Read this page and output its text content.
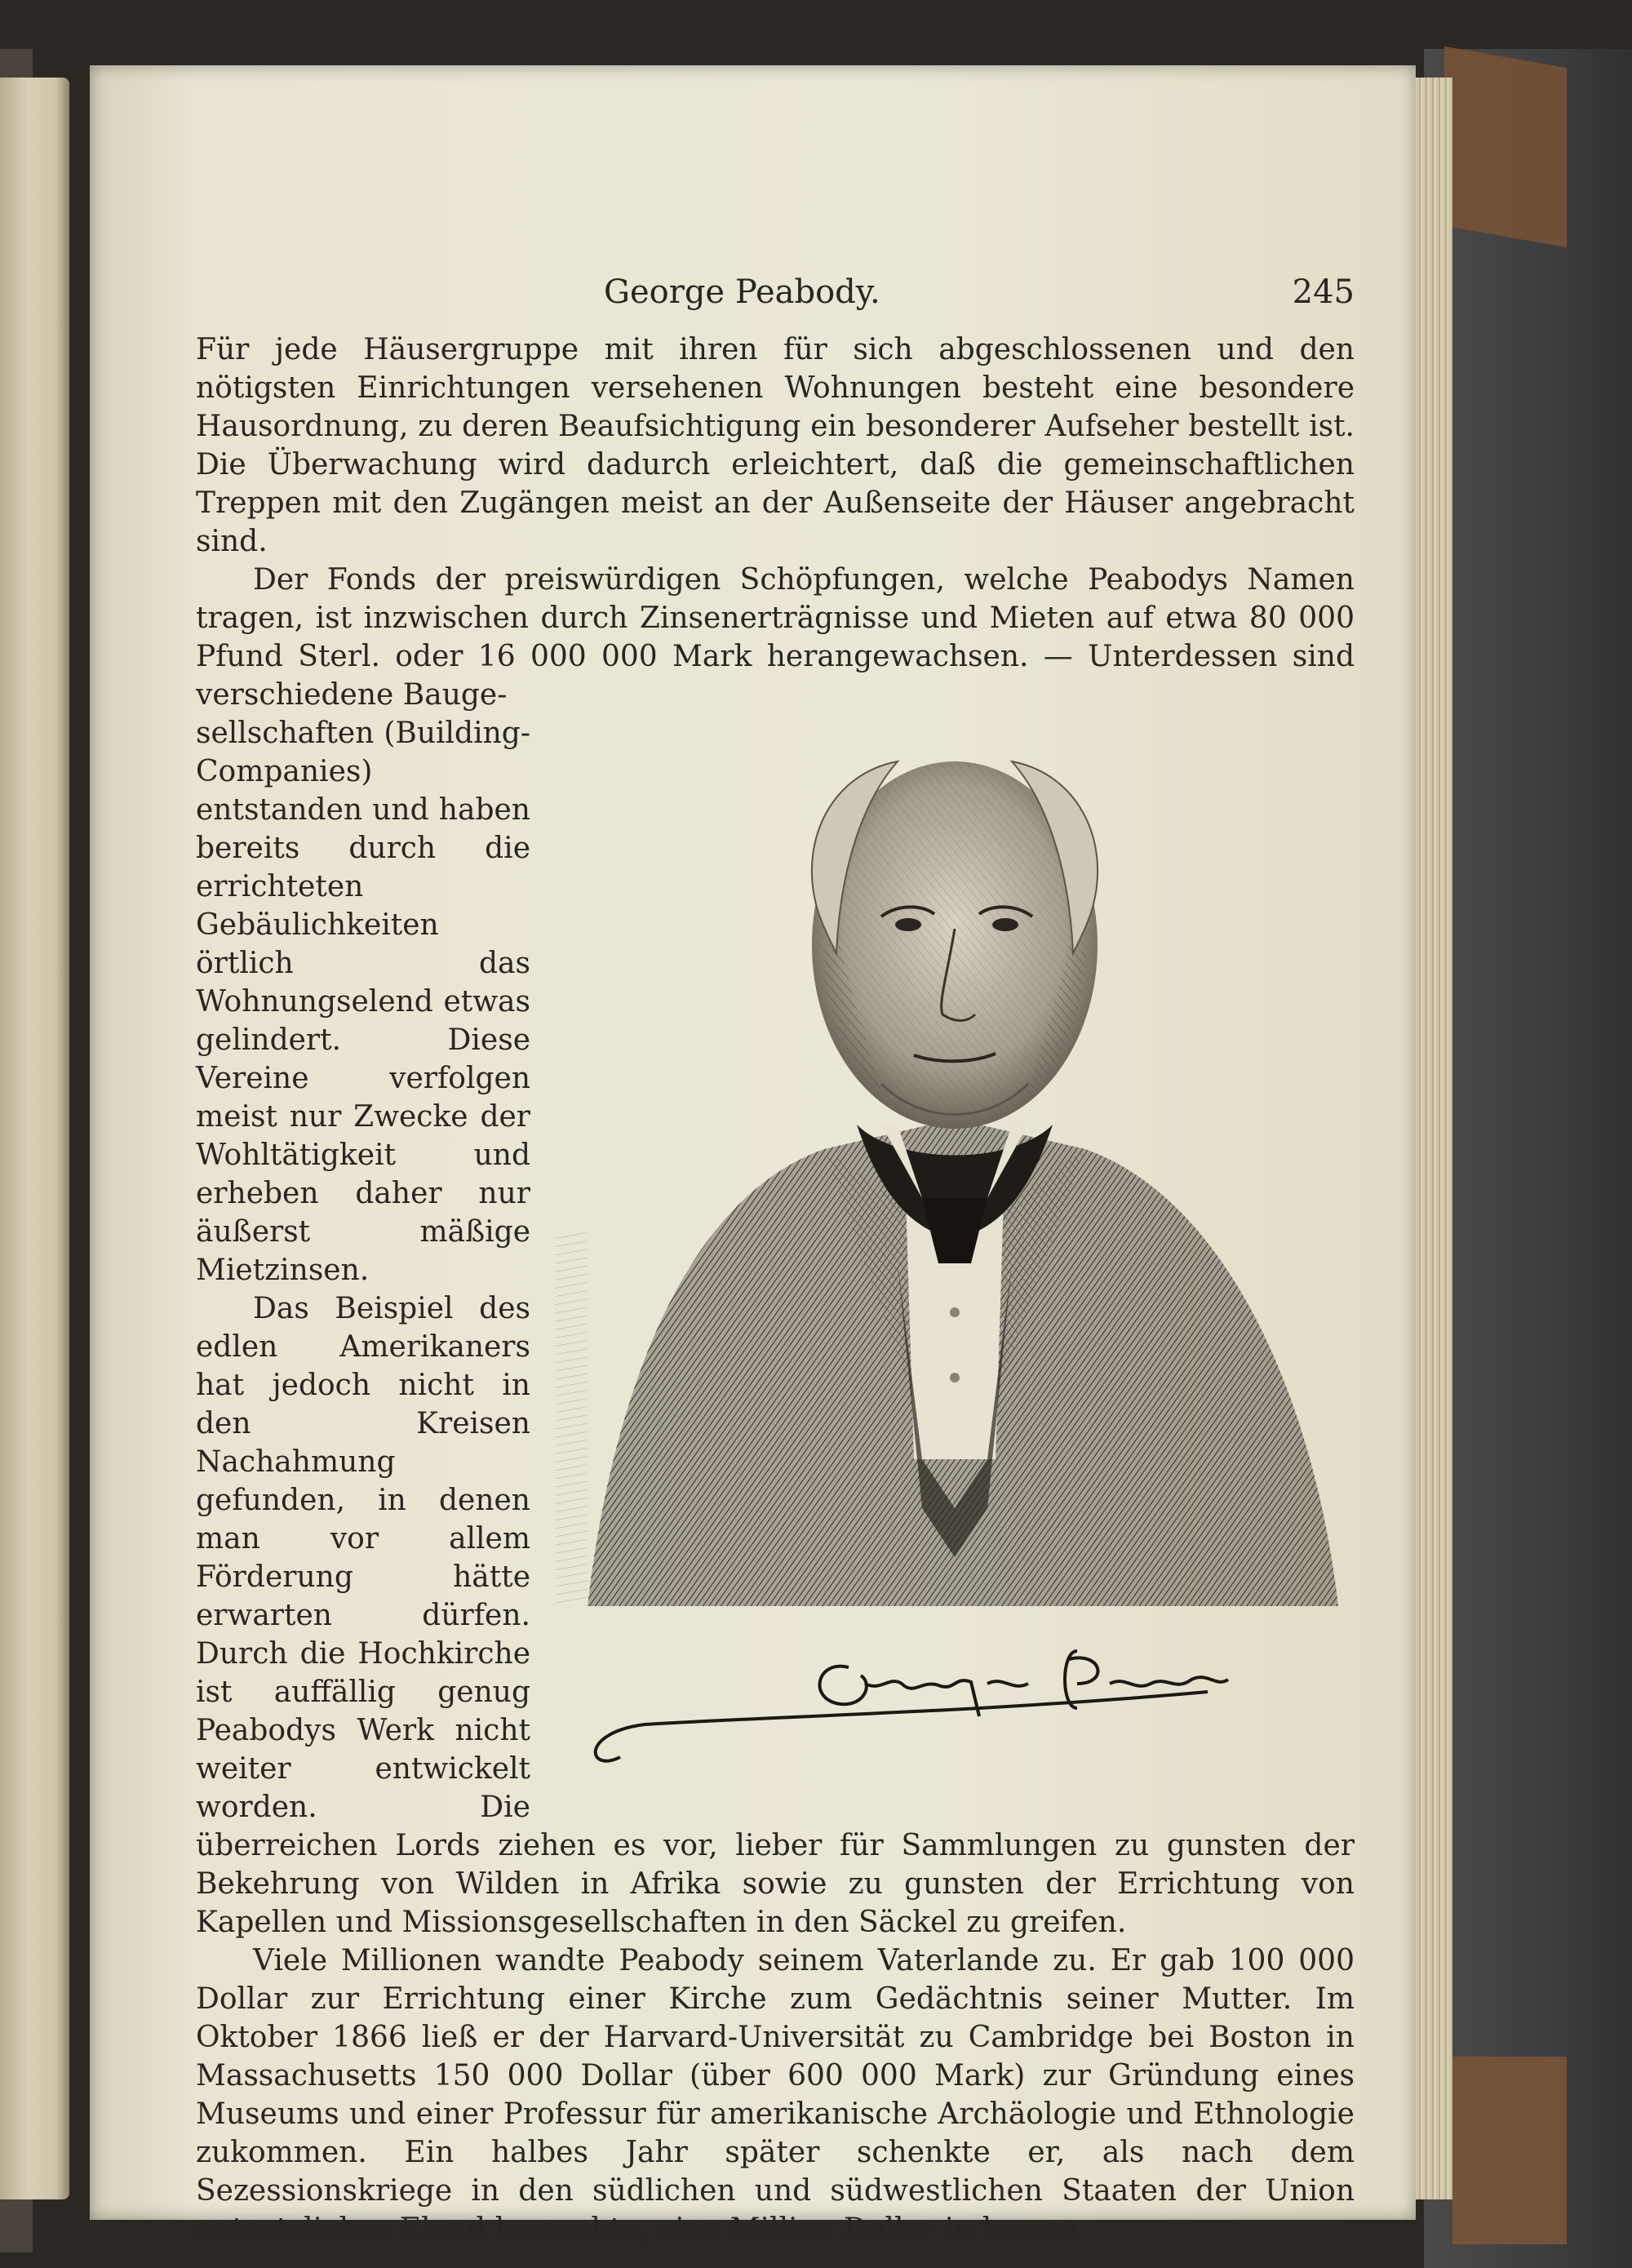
George Peabody.	245

Für jede Häusergruppe mit ihren für sich abgeschlossenen und den nötigsten Einrichtungen versehenen Wohnungen besteht eine besondere Hausordnung, zu deren Beaufsichtigung ein besonderer Aufseher bestellt ist. Die Überwachung wird dadurch erleichtert, daß die gemeinschaftlichen Treppen mit den Zugängen meist an der Außenseite der Häuser angebracht sind.

Der Fonds der preiswürdigen Schöpfungen, welche Peabodys Namen tragen, ist inzwischen durch Zinsenerträgnisse und Mieten auf etwa 80 000 Pfund Sterl. oder 16 000 000 Mark herangewachsen. — Unterdessen sind verschiedene Bauge-

sellschaften (Building-Companies) entstanden und haben bereits durch die errichteten Gebäulichkeiten örtlich das Wohnungselend etwas gelindert. Diese Vereine verfolgen meist nur Zwecke der Wohltätigkeit und erheben daher nur äußerst mäßige Mietzinsen.

Das Beispiel des edlen Amerikaners hat jedoch nicht in den Kreisen Nachahmung gefunden, in denen man vor allem Förderung hätte erwarten dürfen. Durch die Hochkirche ist auffällig genug Peabodys Werk nicht weiter entwickelt worden. Die überreichen Lords ziehen es vor, lieber für Sammlungen zu gunsten der Bekehrung von Wilden in Afrika sowie zu gunsten der Errichtung von Kapellen und Missionsgesellschaften in den Säckel zu greifen.

Viele Millionen wandte Peabody seinem Vaterlande zu. Er gab 100 000 Dollar zur Errichtung einer Kirche zum Gedächtnis seiner Mutter. Im Oktober 1866 ließ er der Harvard-Universität zu Cambridge bei Boston in Massachusetts 150 000 Dollar (über 600 000 Mark) zur Gründung eines Museums und einer Professur für amerikanische Archäologie und Ethnologie zukommen. Ein halbes Jahr später schenkte er, als nach dem Sezessionskriege in den südlichen und südwestlichen Staaten der Union entsetzliches Elend herrschte, eine Million Dollar in barem
